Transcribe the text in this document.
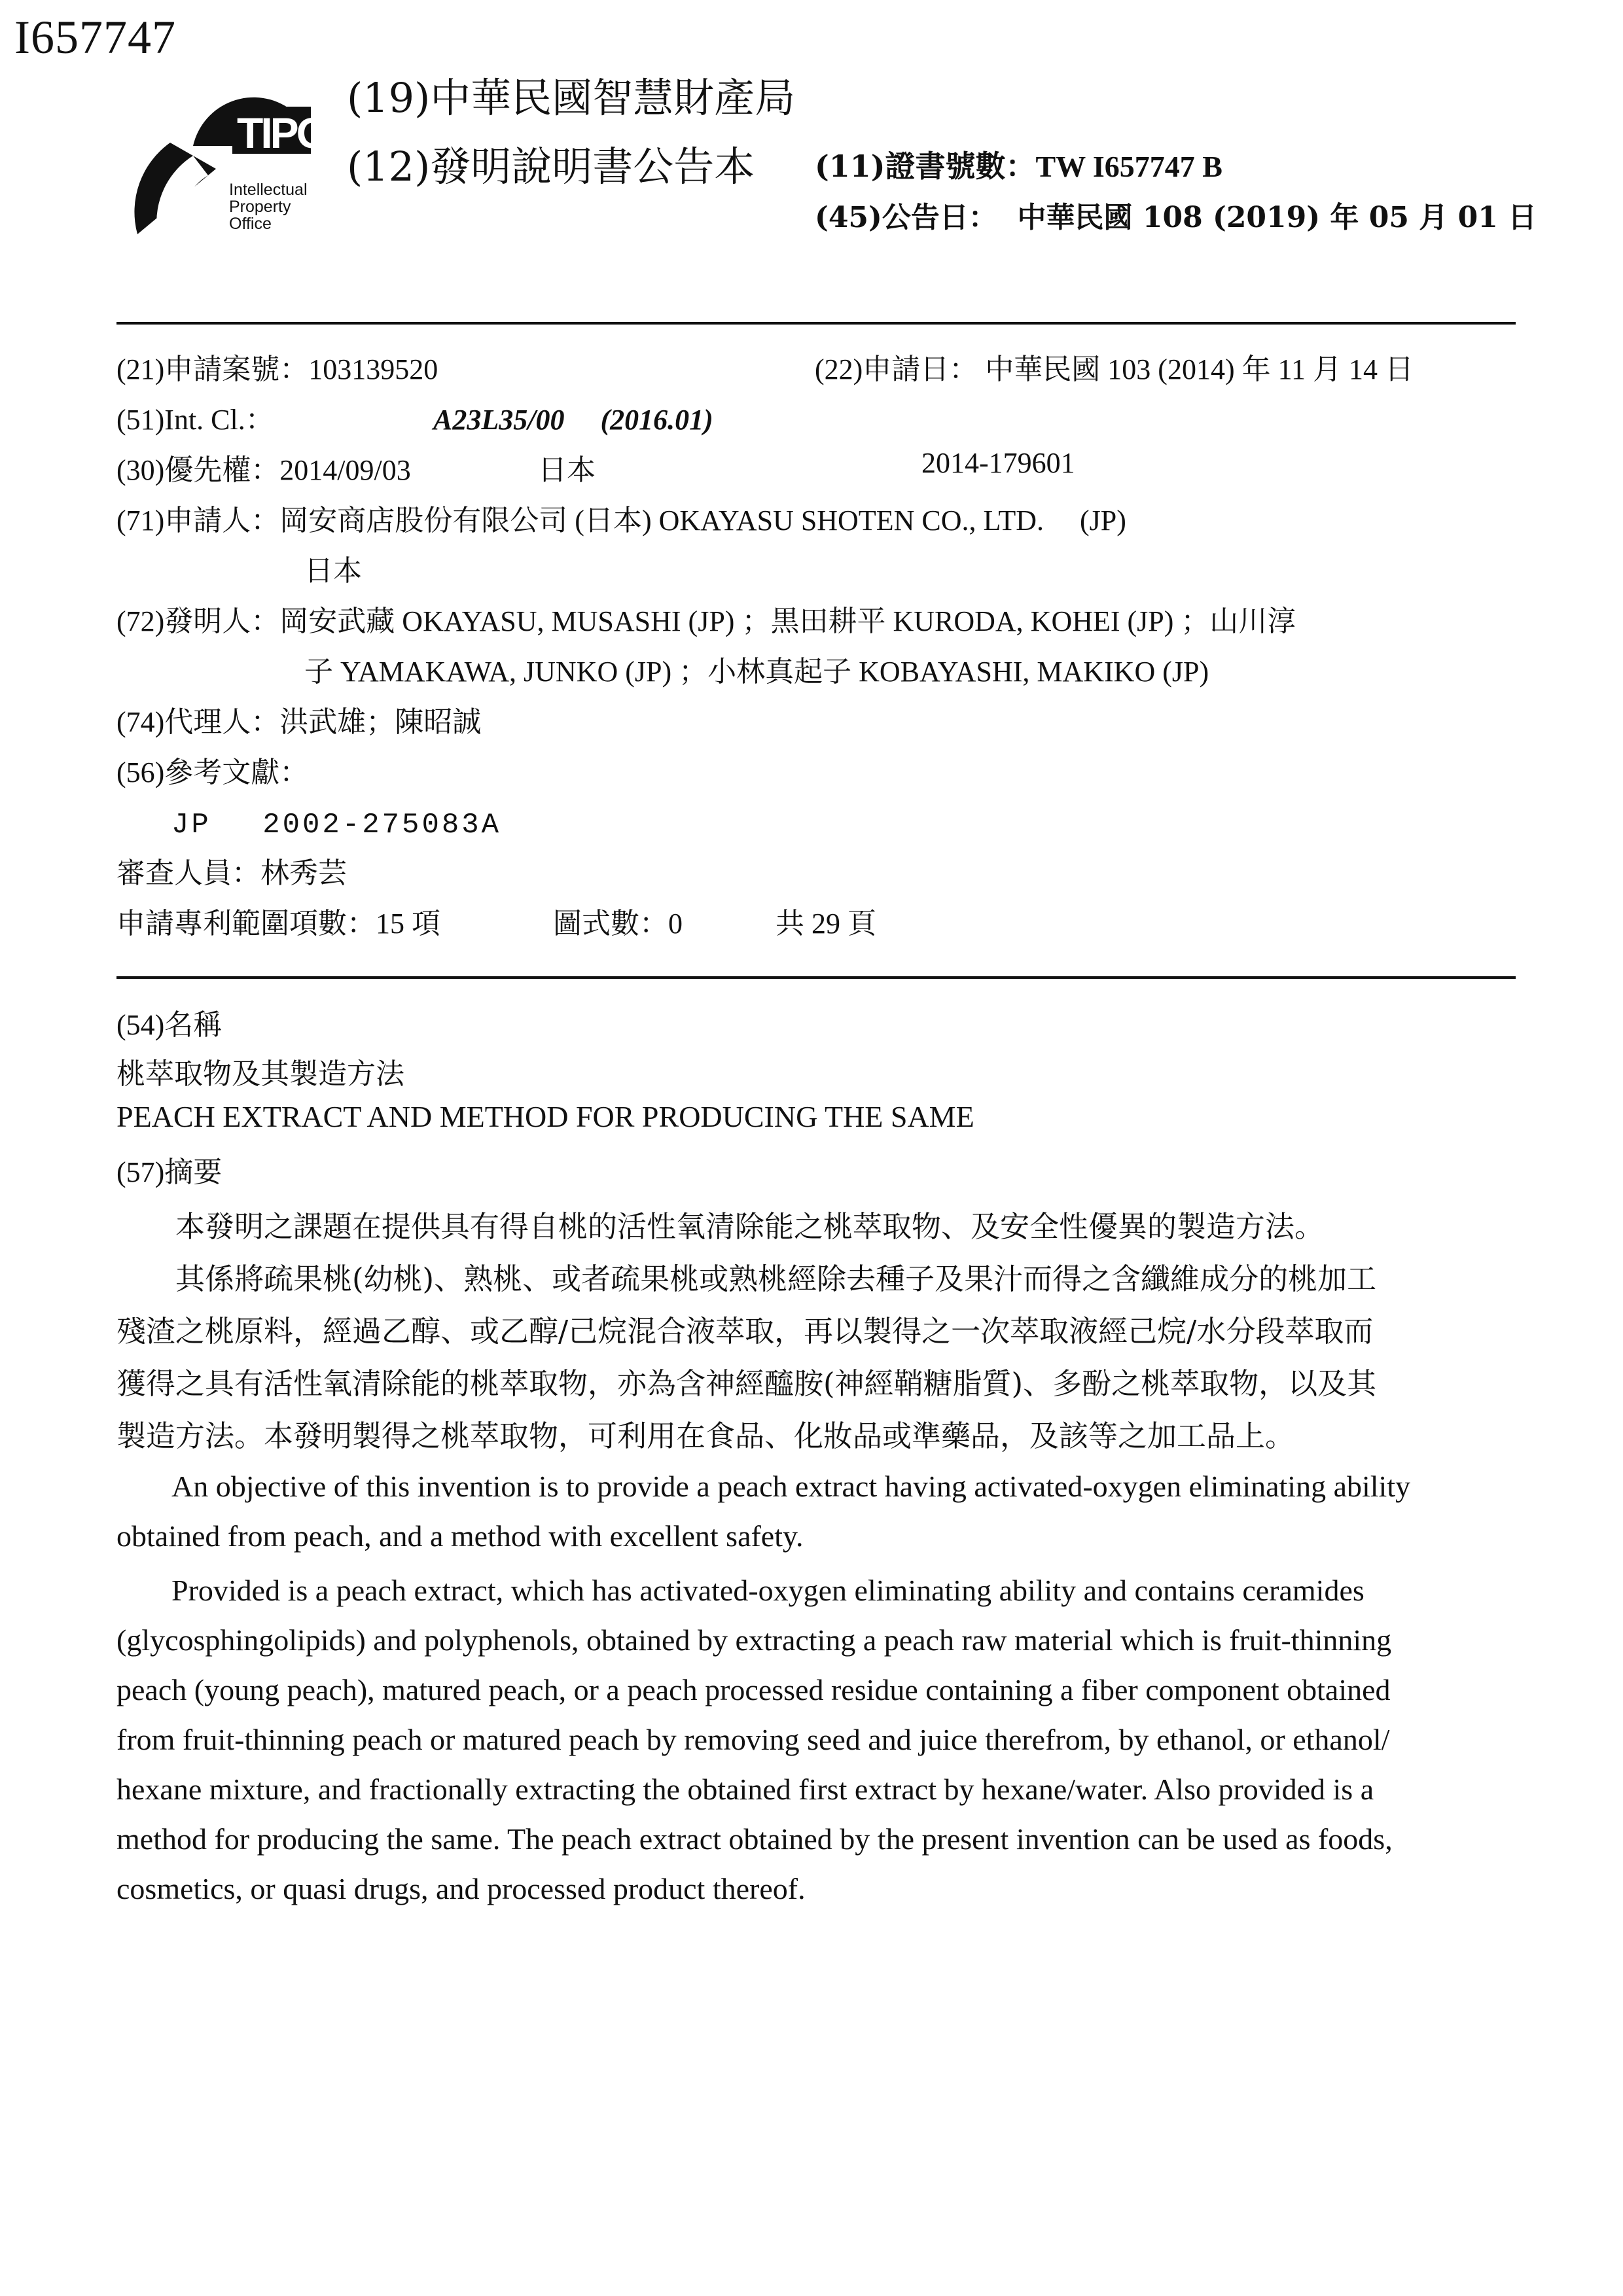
I657747
TIPO
Intellectual
Property
Office
(19)中華民國智慧財產局
(12)發明說明書公告本 (11)證書號數：TW I657747 B
(45)公告日： 中華民國 108 (2019) 年 05 月 01 日
(21)申請案號：103139520	(22)申請日： 中華民國 103 (2014) 年 11 月 14 日
(51)Int. Cl.：	A23L35/00　 (2016.01)
(30)優先權：2014/09/03	日本	2014-179601
(71)申請人：岡安商店股份有限公司 (日本) OKAYASU SHOTEN CO., LTD.　 (JP)
日本
(72)發明人：岡安武藏 OKAYASU, MUSASHI (JP) ；黒田耕平 KURODA, KOHEI (JP) ；山川淳
子 YAMAKAWA, JUNKO (JP) ；小林真起子 KOBAYASHI, MAKIKO (JP)
(74)代理人：洪武雄；陳昭誠
(56)參考文獻：
JP　 2002-275083A
審查人員：林秀芸
申請專利範圍項數：15 項	圖式數：0	共 29 頁
(54)名稱
桃萃取物及其製造方法
PEACH EXTRACT AND METHOD FOR PRODUCING THE SAME
(57)摘要
　　本發明之課題在提供具有得自桃的活性氧清除能之桃萃取物、及安全性優異的製造方法。
　　其係將疏果桃(幼桃)、熟桃、或者疏果桃或熟桃經除去種子及果汁而得之含纖維成分的桃加工
殘渣之桃原料，經過乙醇、或乙醇/己烷混合液萃取，再以製得之一次萃取液經己烷/水分段萃取而
獲得之具有活性氧清除能的桃萃取物，亦為含神經醯胺(神經鞘糖脂質)、多酚之桃萃取物，以及其
製造方法。本發明製得之桃萃取物，可利用在食品、化妝品或準藥品，及該等之加工品上。
An objective of this invention is to provide a peach extract having activated-oxygen eliminating ability
obtained from peach, and a method with excellent safety.
Provided is a peach extract, which has activated-oxygen eliminating ability and contains ceramides
(glycosphingolipids) and polyphenols, obtained by extracting a peach raw material which is fruit-thinning
peach (young peach), matured peach, or a peach processed residue containing a fiber component obtained
from fruit-thinning peach or matured peach by removing seed and juice therefrom, by ethanol, or ethanol/
hexane mixture, and fractionally extracting the obtained first extract by hexane/water. Also provided is a
method for producing the same. The peach extract obtained by the present invention can be used as foods,
cosmetics, or quasi drugs, and processed product thereof.
